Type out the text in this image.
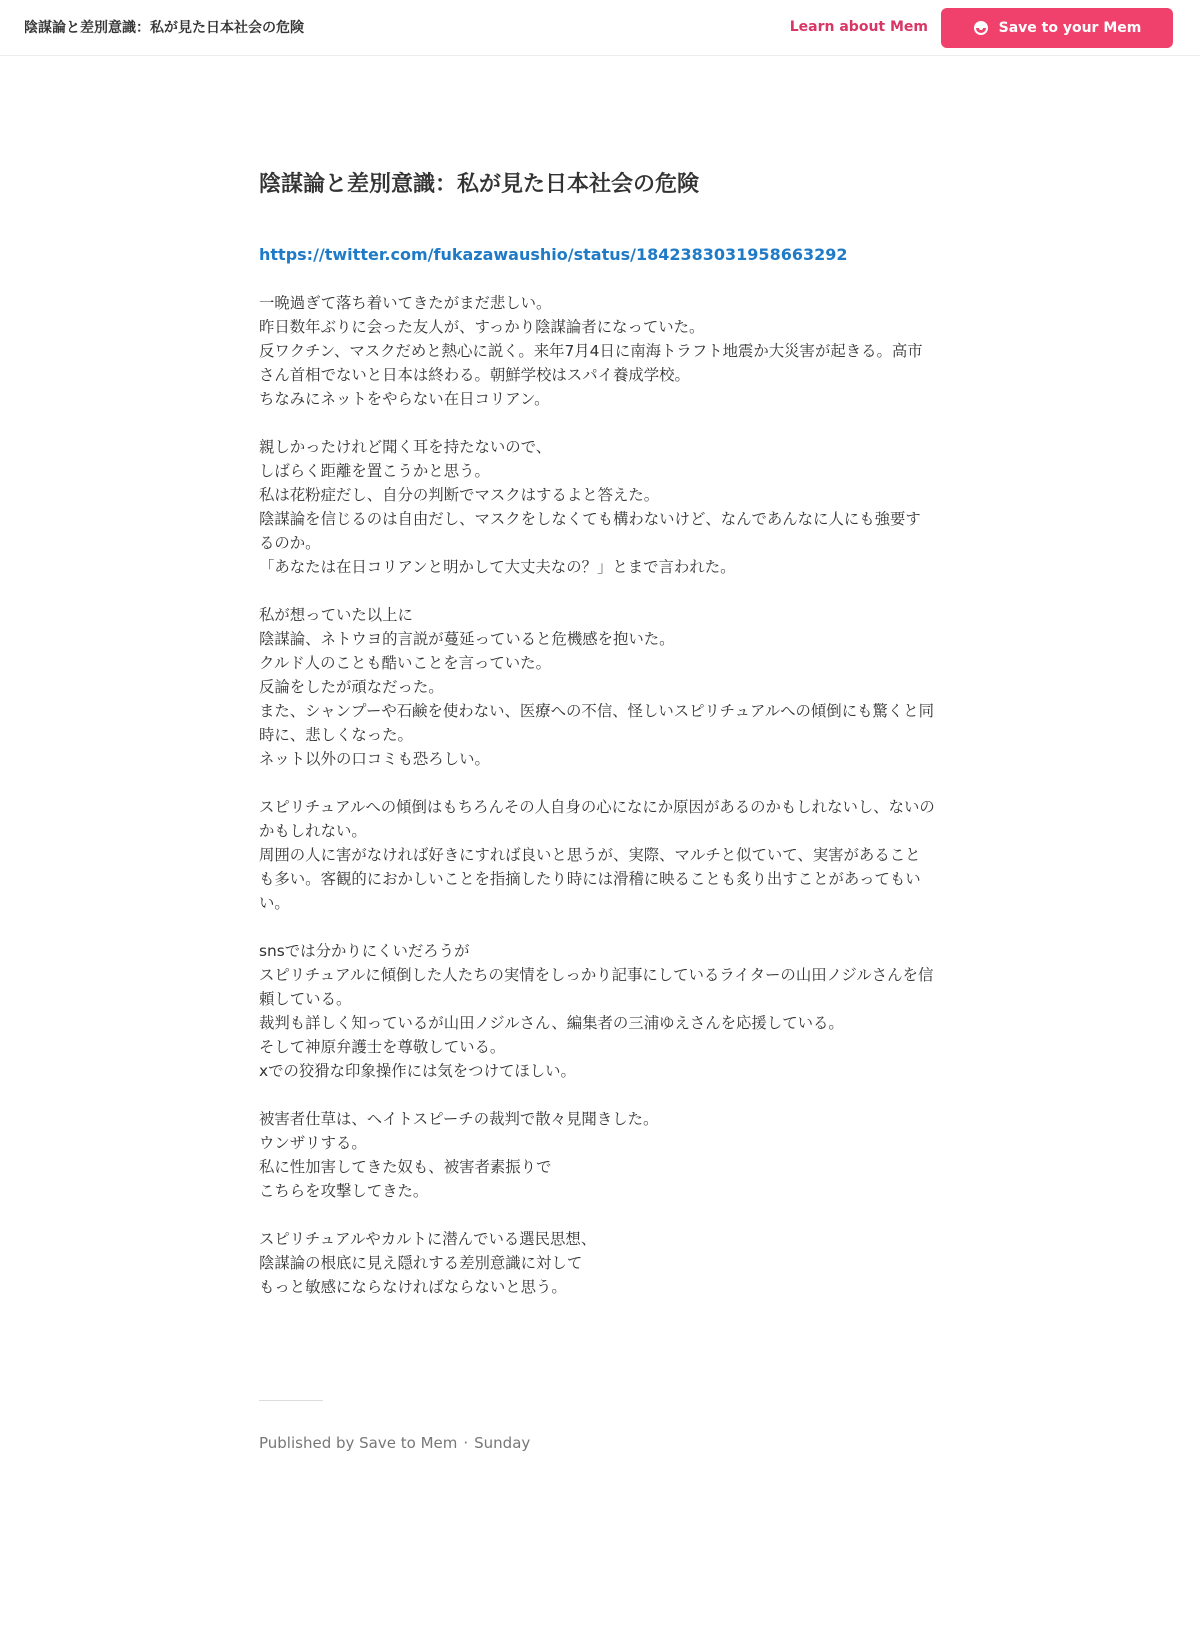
陰謀論と差別意識：私が見た日本社会の危険	Learn about Mem	Save to your Mem
陰謀論と差別意識：私が見た日本社会の危険
https://twitter.com/fukazawaushio/status/1842383031958663292

一晩過ぎて落ち着いてきたがまだ悲しい。
昨日数年ぶりに会った友人が、すっかり陰謀論者になっていた。
反ワクチン、マスクだめと熱心に説く。来年7月4日に南海トラフト地震か大災害が起きる。高市さん首相でないと日本は終わる。朝鮮学校はスパイ養成学校。
ちなみにネットをやらない在日コリアン。

親しかったけれど聞く耳を持たないので、
しばらく距離を置こうかと思う。
私は花粉症だし、自分の判断でマスクはするよと答えた。
陰謀論を信じるのは自由だし、マスクをしなくても構わないけど、なんであんなに人にも強要するのか。
「あなたは在日コリアンと明かして大丈夫なの？」とまで言われた。

私が想っていた以上に
陰謀論、ネトウヨ的言説が蔓延っていると危機感を抱いた。
クルド人のことも酷いことを言っていた。
反論をしたが頑なだった。
また、シャンプーや石鹸を使わない、医療への不信、怪しいスピリチュアルへの傾倒にも驚くと同時に、悲しくなった。
ネット以外の口コミも恐ろしい。

スピリチュアルへの傾倒はもちろんその人自身の心になにか原因があるのかもしれないし、ないのかもしれない。
周囲の人に害がなければ好きにすれば良いと思うが、実際、マルチと似ていて、実害があることも多い。客観的におかしいことを指摘したり時には滑稽に映ることも炙り出すことがあってもいい。

snsでは分かりにくいだろうが
スピリチュアルに傾倒した人たちの実情をしっかり記事にしているライターの山田ノジルさんを信頼している。
裁判も詳しく知っているが山田ノジルさん、編集者の三浦ゆえさんを応援している。
そして神原弁護士を尊敬している。
xでの狡猾な印象操作には気をつけてほしい。

被害者仕草は、ヘイトスピーチの裁判で散々見聞きした。
ウンザリする。
私に性加害してきた奴も、被害者素振りで
こちらを攻撃してきた。

スピリチュアルやカルトに潜んでいる選民思想、
陰謀論の根底に見え隠れする差別意識に対して
もっと敏感にならなければならないと思う。

Published by Save to Mem · Sunday
